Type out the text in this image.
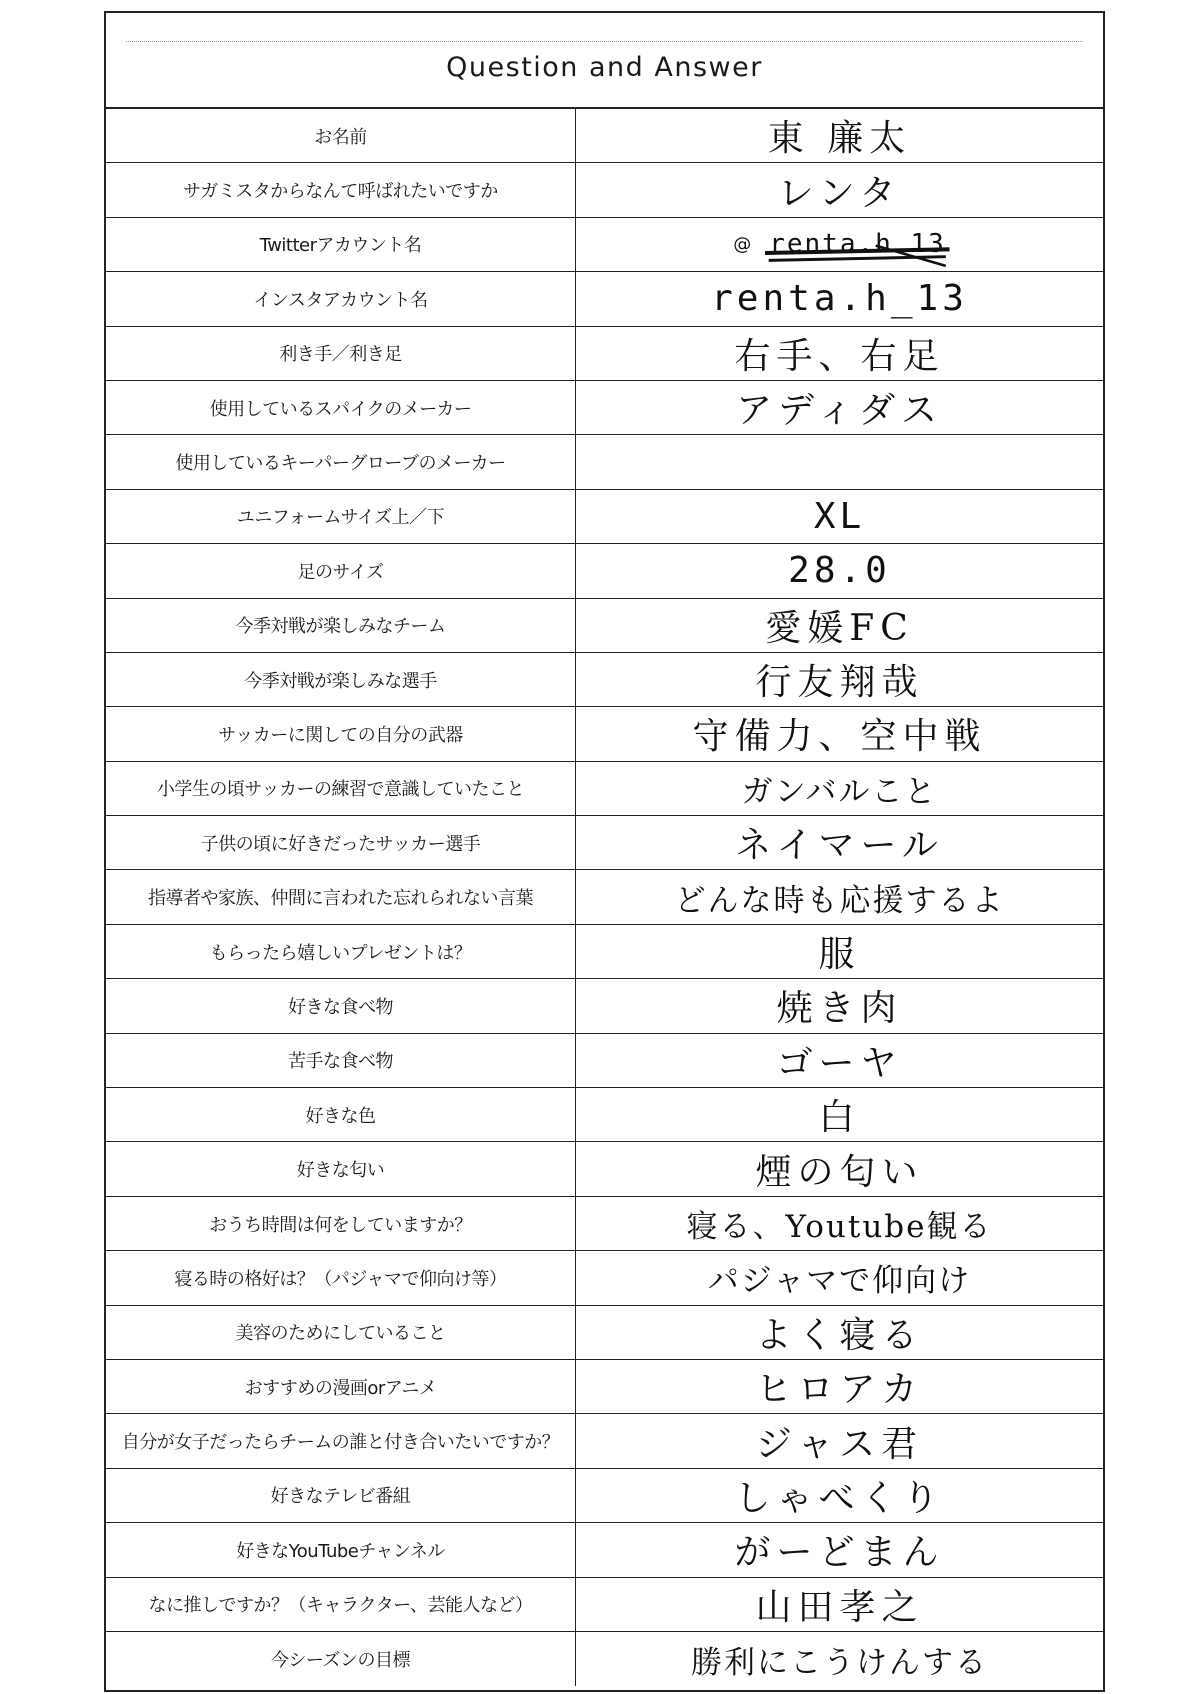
Question and Answer
お名前	東 廉太
サガミスタからなんて呼ばれたいですか	レンタ
Twitterアカウント名	@ renta.h_13
インスタアカウント名	renta.h_13
利き手／利き足	右手、右足
使用しているスパイクのメーカー	アディダス
使用しているキーパーグローブのメーカー
ユニフォームサイズ上／下	XL
足のサイズ	28.0
今季対戦が楽しみなチーム	愛媛FC
今季対戦が楽しみな選手	行友翔哉
サッカーに関しての自分の武器	守備力、空中戦
小学生の頃サッカーの練習で意識していたこと	ガンバルこと
子供の頃に好きだったサッカー選手	ネイマール
指導者や家族、仲間に言われた忘れられない言葉	どんな時も応援するよ
もらったら嬉しいプレゼントは？	服
好きな食べ物	焼き肉
苦手な食べ物	ゴーヤ
好きな色	白
好きな匂い	煙の匂い
おうち時間は何をしていますか？	寝る、Youtube観る
寝る時の格好は？（パジャマで仰向け等）	パジャマで仰向け
美容のためにしていること	よく寝る
おすすめの漫画orアニメ	ヒロアカ
自分が女子だったらチームの誰と付き合いたいですか？	ジャス君
好きなテレビ番組	しゃべくり
好きなYouTubeチャンネル	がーどまん
なに推しですか？（キャラクター、芸能人など）	山田孝之
今シーズンの目標	勝利にこうけんする
